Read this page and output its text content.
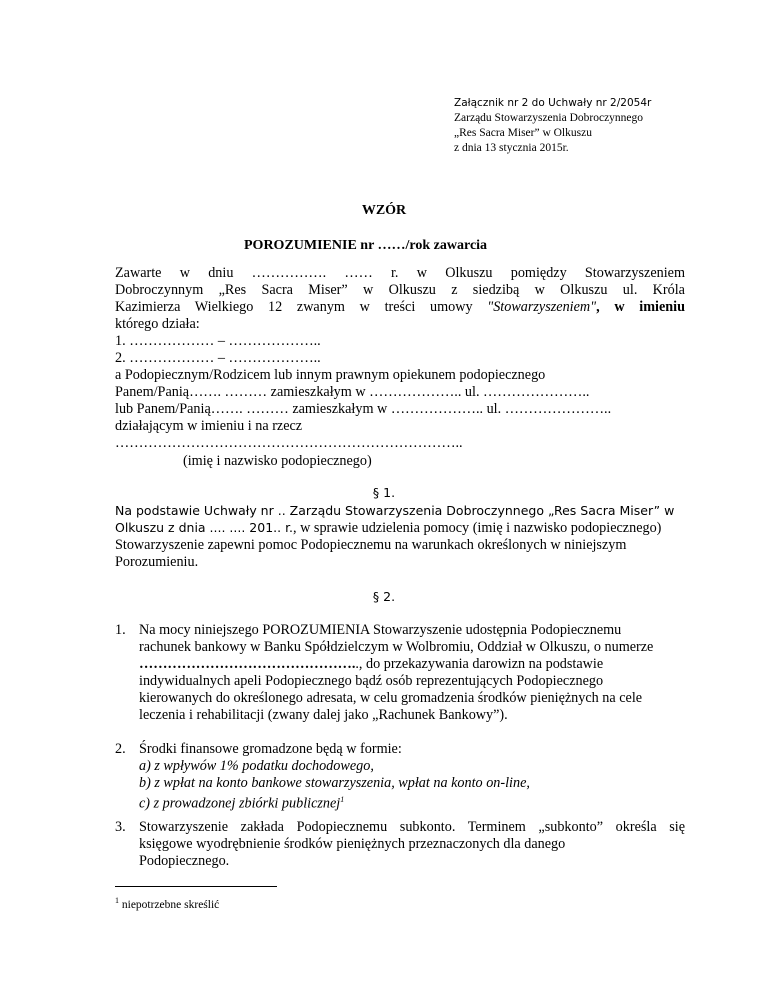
Załącznik nr 2 do Uchwały nr 2/2054r
Zarządu Stowarzyszenia Dobroczynnego
„Res Sacra Miser” w Olkuszu
z dnia 13 stycznia 2015r.
WZÓR
POROZUMIENIE nr ……/rok zawarcia
Zawarte w dniu ……………. …… r. w Olkuszu pomiędzy Stowarzyszeniem
Dobroczynnym „Res Sacra Miser” w Olkuszu z siedzibą w Olkuszu ul. Króla
Kazimierza Wielkiego 12 zwanym w treści umowy "Stowarzyszeniem", w imieniu
którego działa:
1. ……………… – ………………..
2. ……………… – ………………..
a Podopiecznym/Rodzicem lub innym prawnym opiekunem podopiecznego
Panem/Panią……. ……… zamieszkałym w ……………….. ul. …………………..
lub Panem/Panią……. ……… zamieszkałym w ……………….. ul. …………………..
działającym w imieniu i na rzecz
………………………………………………………………..
(imię i nazwisko podopiecznego)
§ 1.
Na podstawie Uchwały nr .. Zarządu Stowarzyszenia Dobroczynnego „Res Sacra Miser” w
Olkuszu z dnia .... .... 201.. r., w sprawie udzielenia pomocy (imię i nazwisko podopiecznego)
Stowarzyszenie zapewni pomoc Podopiecznemu na warunkach określonych w niniejszym
Porozumieniu.
§ 2.
1. Na mocy niniejszego POROZUMIENIA Stowarzyszenie udostępnia Podopiecznemu
rachunek bankowy w Banku Spółdzielczym w Wolbromiu, Oddział w Olkuszu, o numerze
……………………………………….., do przekazywania darowizn na podstawie
indywidualnych apeli Podopiecznego bądź osób reprezentujących Podopiecznego
kierowanych do określonego adresata, w celu gromadzenia środków pieniężnych na cele
leczenia i rehabilitacji (zwany dalej jako „Rachunek Bankowy”).
2. Środki finansowe gromadzone będą w formie:
a) z wpływów 1% podatku dochodowego,
b) z wpłat na konto bankowe stowarzyszenia, wpłat na konto on-line,
c) z prowadzonej zbiórki publicznej$^1$
3. Stowarzyszenie zakłada Podopiecznemu subkonto. Terminem „subkonto” określa się
księgowe wyodrębnienie środków pieniężnych przeznaczonych dla danego
Podopiecznego.
$^1$ niepotrzebne skreślić
